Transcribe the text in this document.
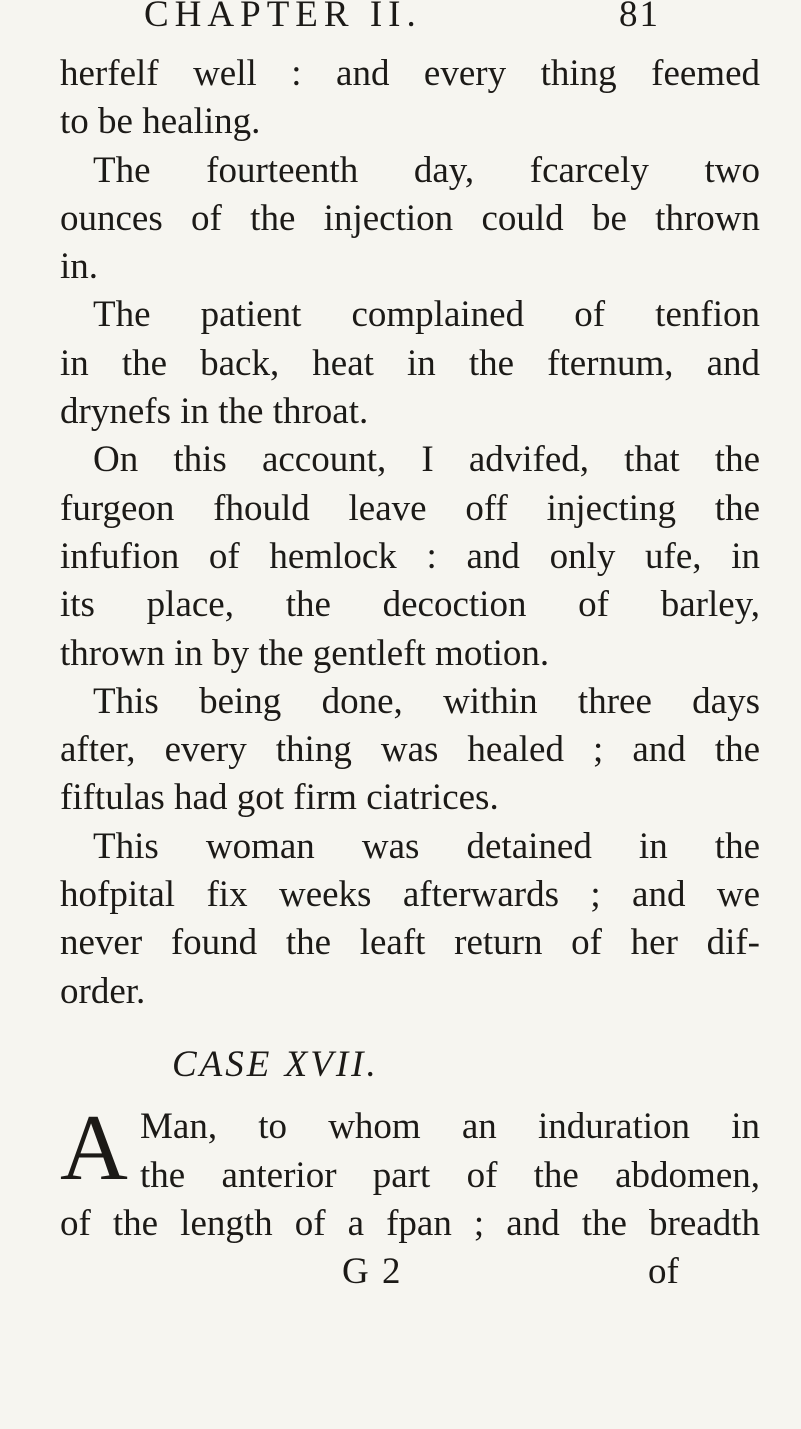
CHAPTER II.	81
herfelf well : and every thing feemed
to be healing.
The fourteenth day, fcarcely two
ounces of the injection could be thrown
in.
The patient complained of tenfion
in the back, heat in the fternum, and
drynefs in the throat.
On this account, I advifed, that the
furgeon fhould leave off injecting the
infufion of hemlock : and only ufe, in
its place, the decoction of barley,
thrown in by the gentleft motion.
This being done, within three days
after, every thing was healed ; and the
fiftulas had got firm ciatrices.
This woman was detained in the
hofpital fix weeks afterwards ; and we
never found the leaft return of her dif-
order.
CASE XVII.
A Man, to whom an induration in
the anterior part of the abdomen,
of the length of a fpan ; and the breadth
G 2	of
